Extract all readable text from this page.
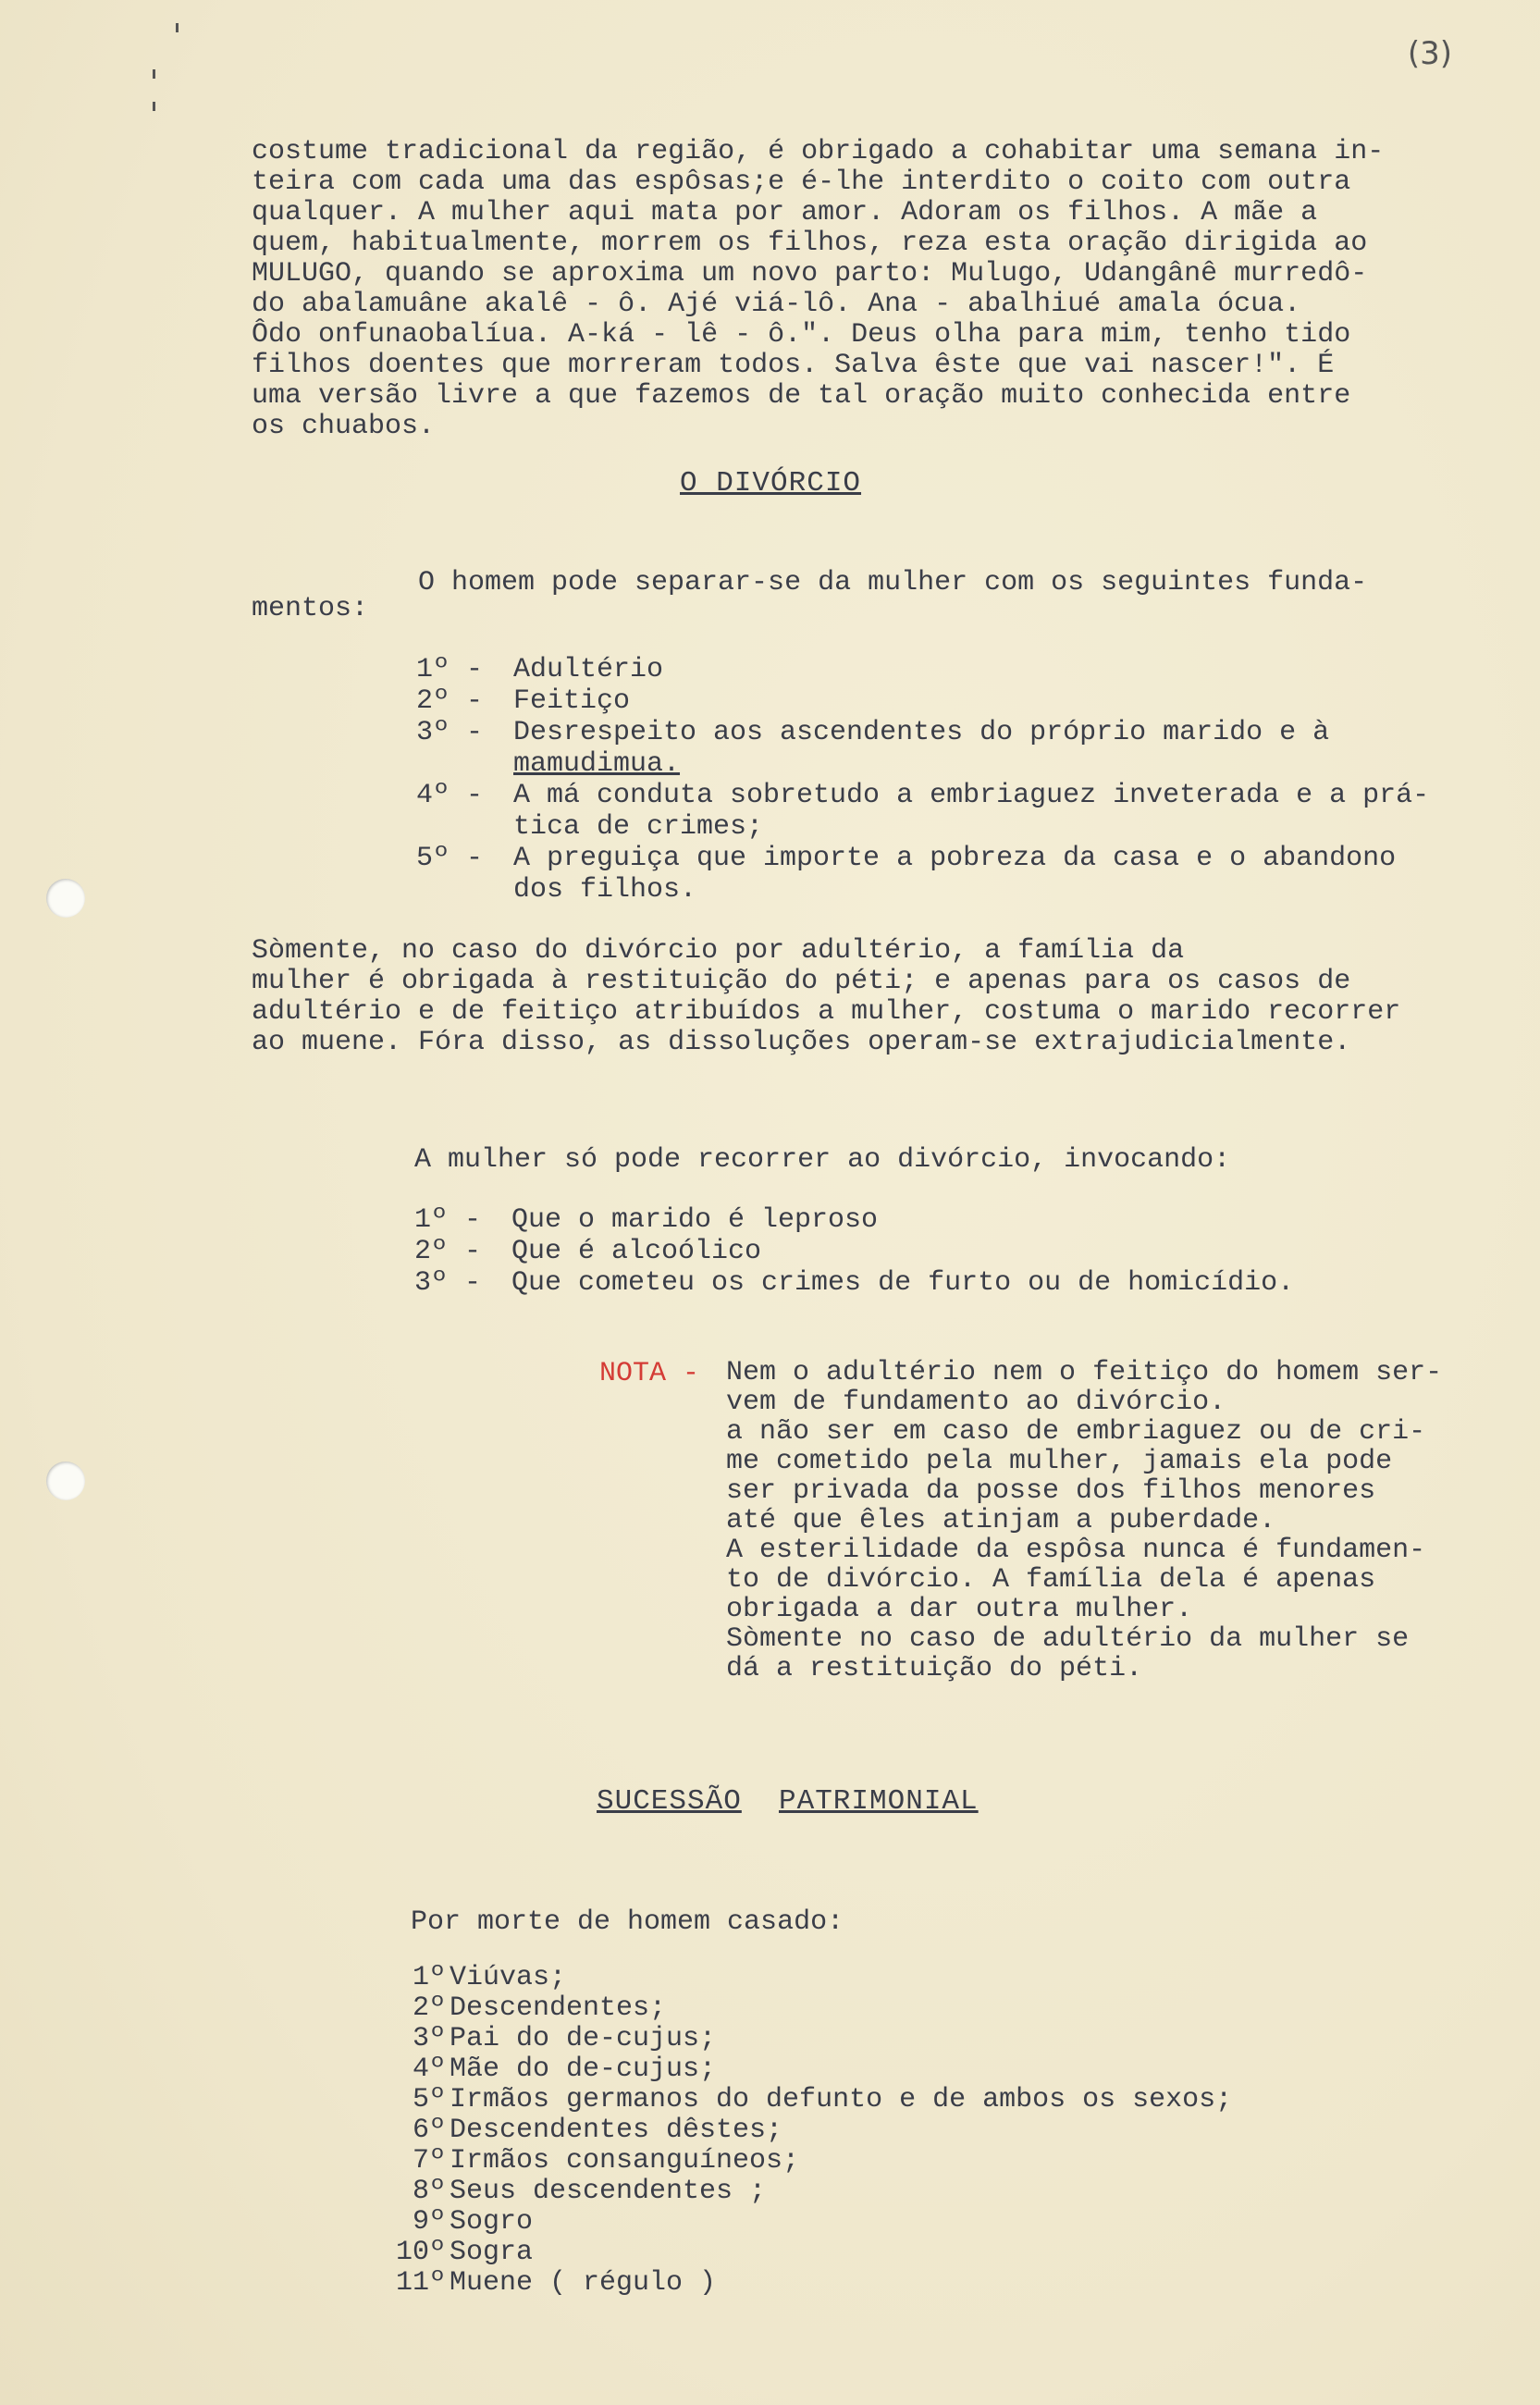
(3)
costume tradicional da região, é obrigado a cohabitar uma semana in-
teira com cada uma das espôsas;e é-lhe interdito o coito com outra
qualquer. A mulher aqui mata por amor. Adoram os filhos. A mãe a
quem, habitualmente, morrem os filhos, reza esta oração dirigida ao
MULUGO, quando se aproxima um novo parto: Mulugo, Udangânê murredô-
do abalamuâne akalê - ô. Ajé viá-lô. Ana - abalhiué amala ócua.
Ôdo onfunaobalíua. A-ká - lê - ô.". Deus olha para mim, tenho tido
filhos doentes que morreram todos. Salva êste que vai nascer!". É
uma versão livre a que fazemos de tal oração muito conhecida entre
os chuabos.
O DIVÓRCIO
O homem pode separar-se da mulher com os seguintes funda-
mentos:
1º -	Adultério
2º -	Feitiço
3º -	Desrespeito aos ascendentes do próprio marido e à
mamudimua.
4º -	A má conduta sobretudo a embriaguez inveterada e a prá-
tica de crimes;
5º -	A preguiça que importe a pobreza da casa e o abandono
dos filhos.
Sòmente, no caso do divórcio por adultério, a família da
mulher é obrigada à restituição do péti; e apenas para os casos de
adultério e de feitiço atribuídos a mulher, costuma o marido recorrer
ao muene. Fóra disso, as dissoluções operam-se extrajudicialmente.
A mulher só pode recorrer ao divórcio, invocando:
1º -	Que o marido é leproso
2º -	Que é alcoólico
3º -	Que cometeu os crimes de furto ou de homicídio.
NOTA - Nem o adultério nem o feitiço do homem ser-
vem de fundamento ao divórcio.
a não ser em caso de embriaguez ou de cri-
me cometido pela mulher, jamais ela pode
ser privada da posse dos filhos menores
até que êles atinjam a puberdade.
A esterilidade da espôsa nunca é fundamen-
to de divórcio. A família dela é apenas
obrigada a dar outra mulher.
Sòmente no caso de adultério da mulher se
dá a restituição do péti.
SUCESSÃO PATRIMONIAL
Por morte de homem casado:
1º Viúvas;
2º Descendentes;
3º Pai do de-cujus;
4º Mãe do de-cujus;
5º Irmãos germanos do defunto e de ambos os sexos;
6º Descendentes dêstes;
7º Irmãos consanguíneos;
8º Seus descendentes ;
9º Sogro
10º Sogra
11º Muene ( régulo )
